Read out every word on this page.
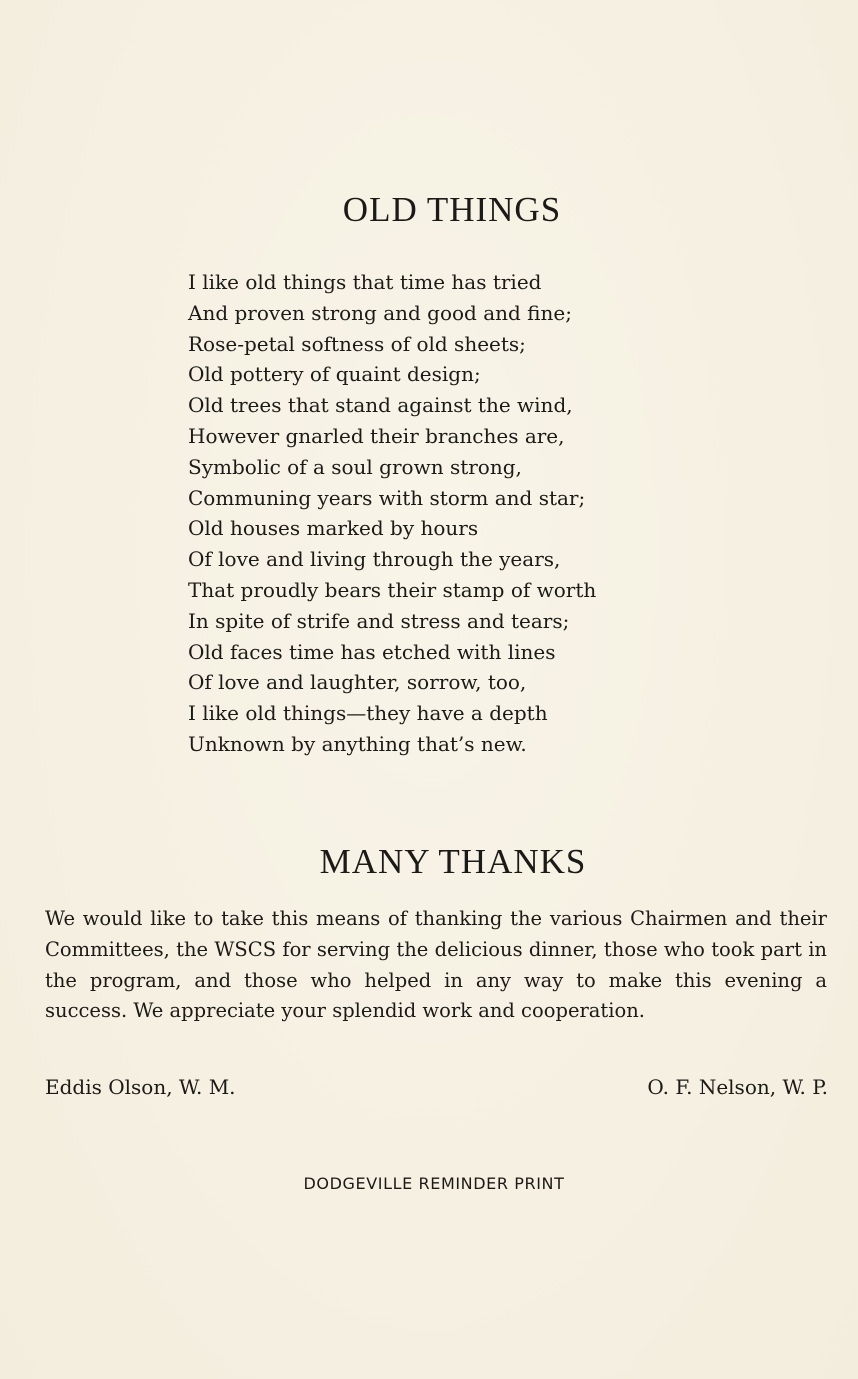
OLD THINGS
I like old things that time has tried
And proven strong and good and fine;
Rose-petal softness of old sheets;
Old pottery of quaint design;
Old trees that stand against the wind,
However gnarled their branches are,
Symbolic of a soul grown strong,
Communing years with storm and star;
Old houses marked by hours
Of love and living through the years,
That proudly bears their stamp of worth
In spite of strife and stress and tears;
Old faces time has etched with lines
Of love and laughter, sorrow, too,
I like old things—they have a depth
Unknown by anything that’s new.
MANY THANKS

We would like to take this means of thanking the various Chairmen and their Committees, the WSCS for serving the delicious dinner, those who took part in the program, and those who helped in any way to make this evening a success. We appreciate your splendid work and cooperation.

Eddis Olson, W. M.	O. F. Nelson, W. P.

DODGEVILLE REMINDER PRINT
